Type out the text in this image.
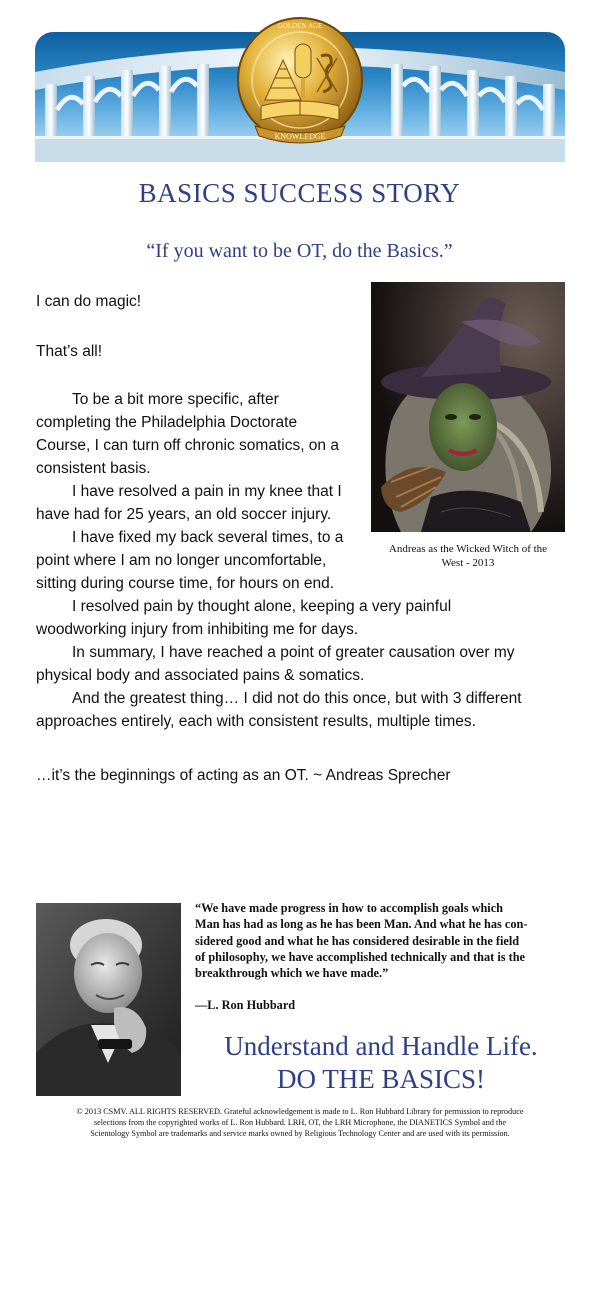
KNOWLEDGE
GOLDEN AGE
BASICS SUCCESS STORY
“If you want to be OT, do the Basics.”

I can do magic!

That’s all!

To be a bit more specific, after
completing the Philadelphia Doctorate
Course, I can turn off chronic somatics, on a
consistent basis.
I have resolved a pain in my knee that I
have had for 25 years, an old soccer injury.
I have fixed my back several times, to a
point where I am no longer uncomfortable,
sitting during course time, for hours on end.
I resolved pain by thought alone, keeping a very painful
woodworking injury from inhibiting me for days.
In summary, I have reached a point of greater causation over my
physical body and associated pains & somatics.
And the greatest thing… I did not do this once, but with 3 different
approaches entirely, each with consistent results, multiple times.

…it’s the beginnings of acting as an OT. ~ Andreas Sprecher

Andreas as the Wicked Witch of the
West - 2013
“We have made progress in how to accomplish goals which
Man has had as long as he has been Man. And what he has con-
sidered good and what he has considered desirable in the field
of philosophy, we have accomplished technically and that is the
breakthrough which we have made.”
—L. Ron Hubbard
Understand and Handle Life.
DO THE BASICS!
© 2013 CSMV. ALL RIGHTS RESERVED. Grateful acknowledgement is made to L. Ron Hubbard Library for permission to reproduce
selections from the copyrighted works of L. Ron Hubbard. LRH, OT, the LRH Microphone, the DIANETICS Symbol and the
Scientology Symbol are trademarks and service marks owned by Religious Technology Center and are used with its permission.
